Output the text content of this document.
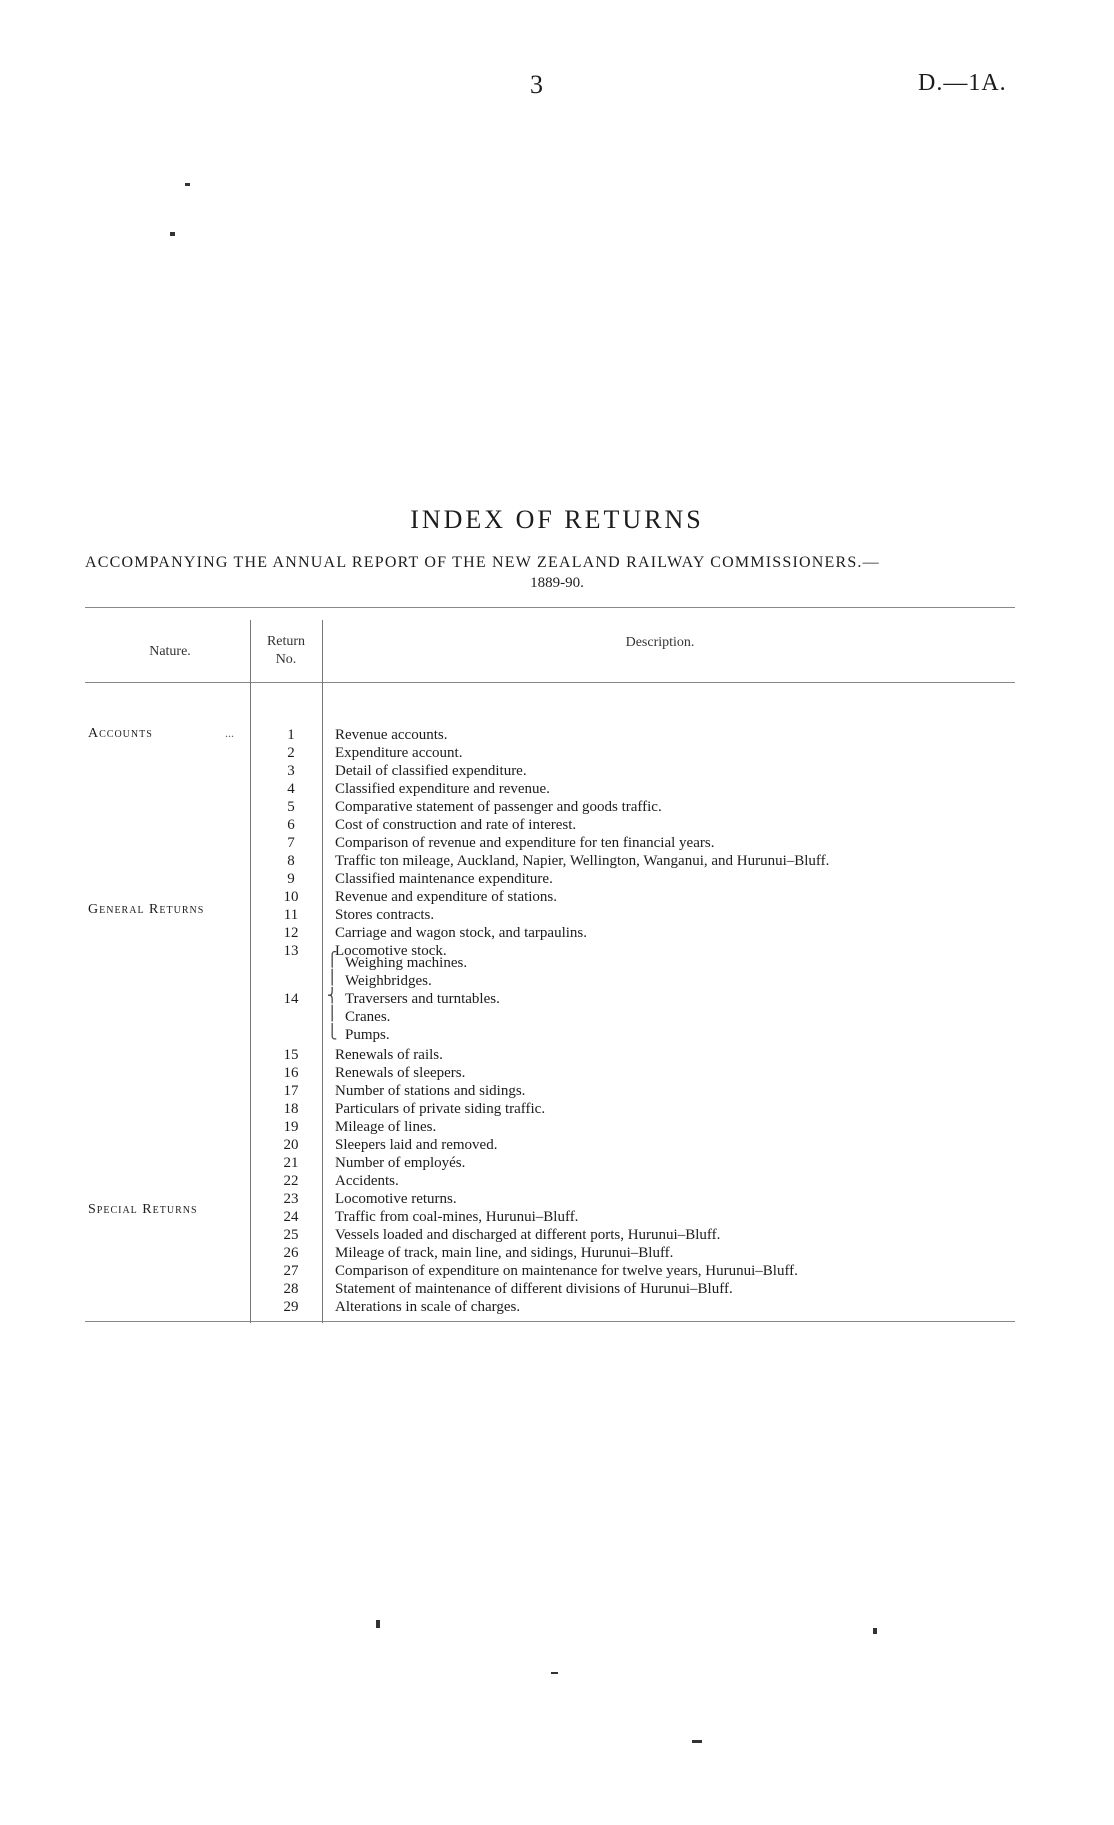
3	D.—1A.
INDEX OF RETURNS
ACCOMPANYING THE ANNUAL REPORT OF THE NEW ZEALAND RAILWAY COMMISSIONERS.—
1889-90.
Nature.
Return
No.
Description.
Accounts	...
General Returns
Special Returns
1
2
3
4
5
6
7
8
9
10
11
12
13
14
15
16
17
18
19
20
21
22
23
24
25
26
27
28
29
Revenue accounts.
Expenditure account.
Detail of classified expenditure.
Classified expenditure and revenue.
Comparative statement of passenger and goods traffic.
Cost of construction and rate of interest.
Comparison of revenue and expenditure for ten financial years.
Traffic ton mileage, Auckland, Napier, Wellington, Wanganui, and Hurunui–Bluff.
Classified maintenance expenditure.
Revenue and expenditure of stations.
Stores contracts.
Carriage and wagon stock, and tarpaulins.
Locomotive stock.
⎧
⎪
⎨
⎪
⎩
Weighing machines.
Weighbridges.
Traversers and turntables.
Cranes.
Pumps.
Renewals of rails.
Renewals of sleepers.
Number of stations and sidings.
Particulars of private siding traffic.
Mileage of lines.
Sleepers laid and removed.
Number of employés.
Accidents.
Locomotive returns.
Traffic from coal-mines, Hurunui–Bluff.
Vessels loaded and discharged at different ports, Hurunui–Bluff.
Mileage of track, main line, and sidings, Hurunui–Bluff.
Comparison of expenditure on maintenance for twelve years, Hurunui–Bluff.
Statement of maintenance of different divisions of Hurunui–Bluff.
Alterations in scale of charges.
